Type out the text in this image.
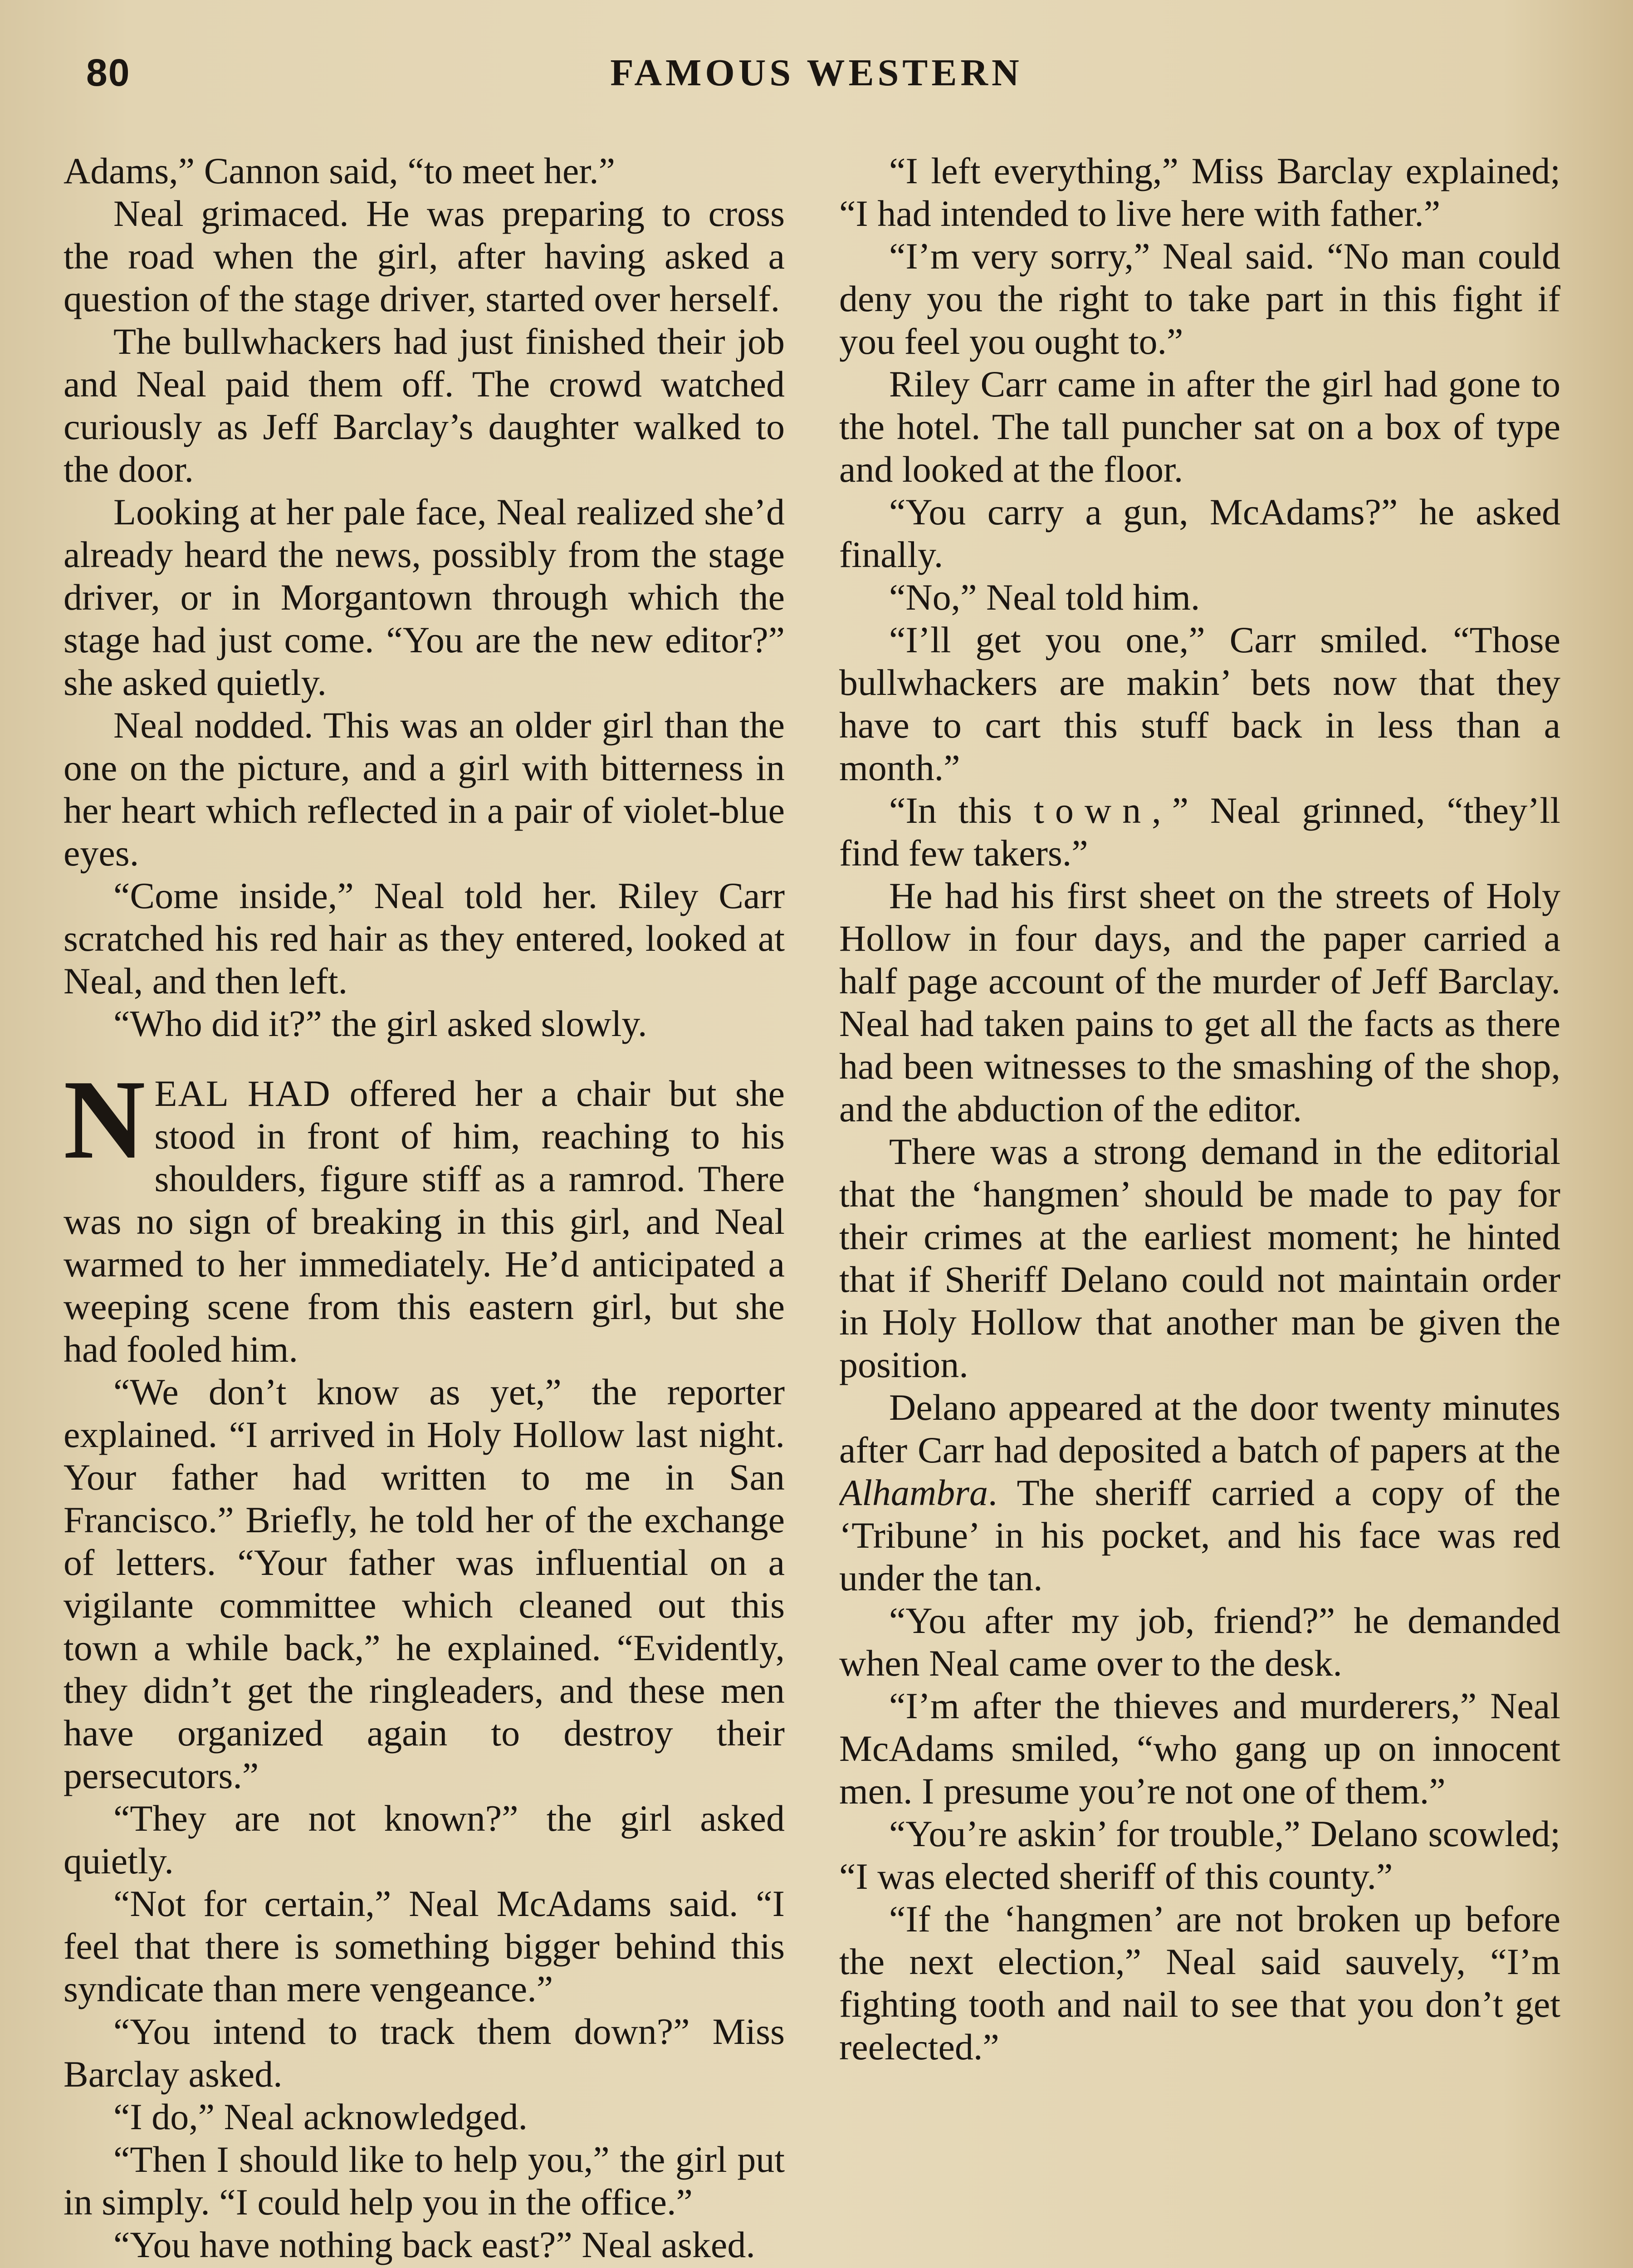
80	FAMOUS WESTERN

Adams,” Cannon said, “to meet her.”

Neal grimaced. He was preparing to cross the road when the girl, after having asked a question of the stage driver, started over herself.

The bullwhackers had just finished their job and Neal paid them off. The crowd watched curiously as Jeff Barclay’s daughter walked to the door.

Looking at her pale face, Neal realized she’d already heard the news, possibly from the stage driver, or in Morgantown through which the stage had just come. “You are the new editor?” she asked quietly.

Neal nodded. This was an older girl than the one on the picture, and a girl with bitterness in her heart which reflected in a pair of violet-blue eyes.

“Come inside,” Neal told her. Riley Carr scratched his red hair as they entered, looked at Neal, and then left.

“Who did it?” the girl asked slowly.

NEAL HAD offered her a chair but she stood in front of him, reaching to his shoulders, figure stiff as a ramrod. There was no sign of breaking in this girl, and Neal warmed to her immediately. He’d anticipated a weeping scene from this eastern girl, but she had fooled him.

“We don’t know as yet,” the reporter explained. “I arrived in Holy Hollow last night. Your father had written to me in San Francisco.” Briefly, he told her of the exchange of letters. “Your father was influential on a vigilante committee which cleaned out this town a while back,” he explained. “Evidently, they didn’t get the ringleaders, and these men have organized again to destroy their persecutors.”

“They are not known?” the girl asked quietly.

“Not for certain,” Neal McAdams said. “I feel that there is something bigger behind this syndicate than mere vengeance.”

“You intend to track them down?” Miss Barclay asked.

“I do,” Neal acknowledged.

“Then I should like to help you,” the girl put in simply. “I could help you in the office.”

“You have nothing back east?” Neal asked.

“I left everything,” Miss Barclay explained; “I had intended to live here with father.”

“I’m very sorry,” Neal said. “No man could deny you the right to take part in this fight if you feel you ought to.”

Riley Carr came in after the girl had gone to the hotel. The tall puncher sat on a box of type and looked at the floor.

“You carry a gun, McAdams?” he asked finally.

“No,” Neal told him.

“I’ll get you one,” Carr smiled. “Those bullwhackers are makin’ bets now that they have to cart this stuff back in less than a month.”

“In this town,” Neal grinned, “they’ll find few takers.”

He had his first sheet on the streets of Holy Hollow in four days, and the paper carried a half page account of the murder of Jeff Barclay. Neal had taken pains to get all the facts as there had been witnesses to the smashing of the shop, and the abduction of the editor.

There was a strong demand in the editorial that the ‘hangmen’ should be made to pay for their crimes at the earliest moment; he hinted that if Sheriff Delano could not maintain order in Holy Hollow that another man be given the position.

Delano appeared at the door twenty minutes after Carr had deposited a batch of papers at the Alhambra. The sheriff carried a copy of the ‘Tribune’ in his pocket, and his face was red under the tan.

“You after my job, friend?” he demanded when Neal came over to the desk.

“I’m after the thieves and murderers,” Neal McAdams smiled, “who gang up on innocent men. I presume you’re not one of them.”

“You’re askin’ for trouble,” Delano scowled; “I was elected sheriff of this county.”

“If the ‘hangmen’ are not broken up before the next election,” Neal said sauvely, “I’m fighting tooth and nail to see that you don’t get reelected.”
